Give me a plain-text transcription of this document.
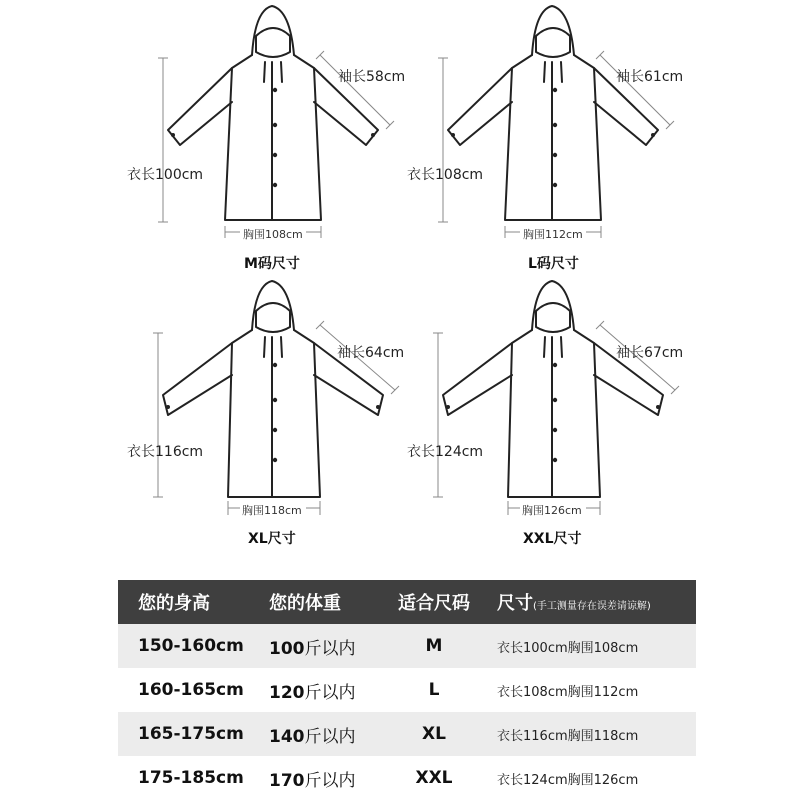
袖长58cm
衣长100cm
胸围108cm
M码尺寸
袖长61cm
衣长108cm
胸围112cm
L码尺寸
袖长64cm
衣长116cm
胸围118cm
XL尺寸
袖长67cm
衣长124cm
胸围126cm
XXL尺寸
您的身高	您的体重	适合尺码	尺寸(手工测量存在误差请谅解)
150-160cm	100斤以内	M	衣长100cm胸围108cm
160-165cm	120斤以内	L	衣长108cm胸围112cm
165-175cm	140斤以内	XL	衣长116cm胸围118cm
175-185cm	170斤以内	XXL	衣长124cm胸围126cm
